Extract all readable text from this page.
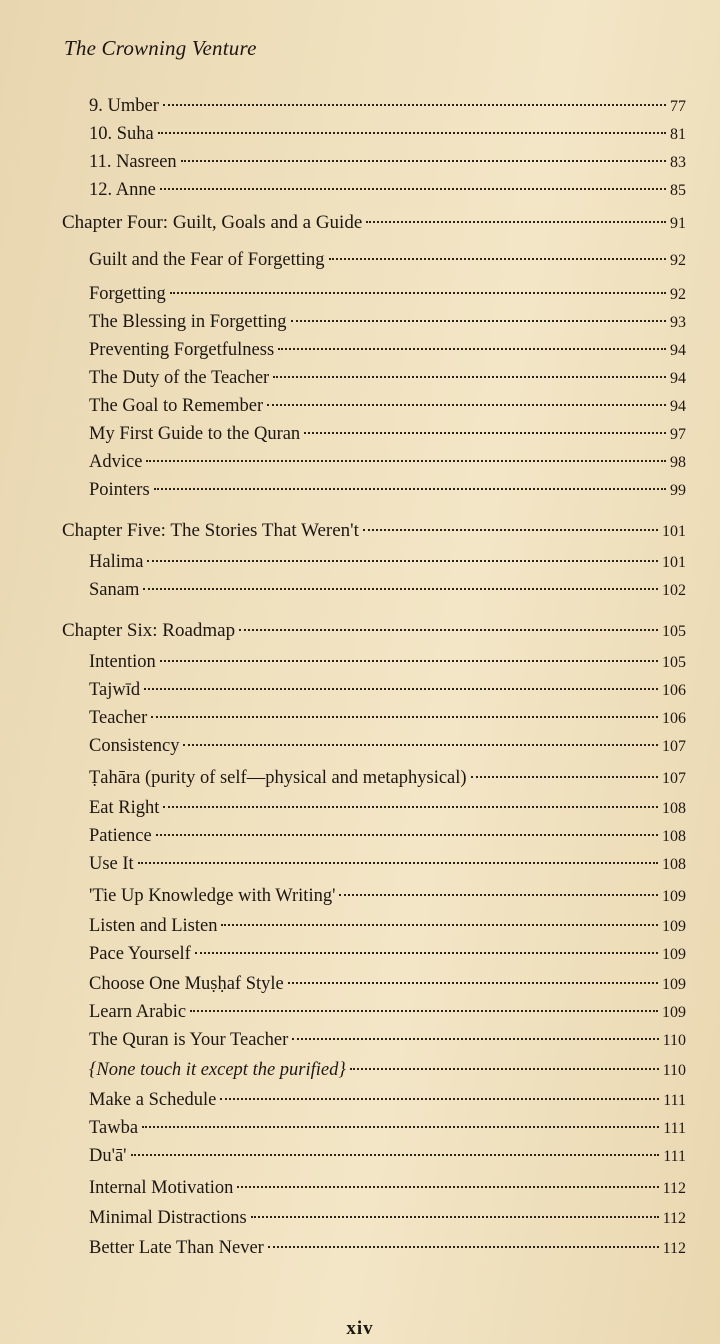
The Crowning Venture
9. Umber	77
10. Suha	81
11. Nasreen	83
12. Anne	85
Chapter Four: Guilt, Goals and a Guide	91
Guilt and the Fear of Forgetting	92
Forgetting	92
The Blessing in Forgetting	93
Preventing Forgetfulness	94
The Duty of the Teacher	94
The Goal to Remember	94
My First Guide to the Quran	97
Advice	98
Pointers	99
Chapter Five: The Stories That Weren't	101
Halima	101
Sanam	102
Chapter Six: Roadmap	105
Intention	105
Tajwīd	106
Teacher	106
Consistency	107
Ṭahāra (purity of self—physical and metaphysical)	107
Eat Right	108
Patience	108
Use It	108
'Tie Up Knowledge with Writing'	109
Listen and Listen	109
Pace Yourself	109
Choose One Muṣḥaf Style	109
Learn Arabic	109
The Quran is Your Teacher	110
{None touch it except the purified}	110
Make a Schedule	111
Tawba	111
Du'ā'	111
Internal Motivation	112
Minimal Distractions	112
Better Late Than Never	112
xiv
